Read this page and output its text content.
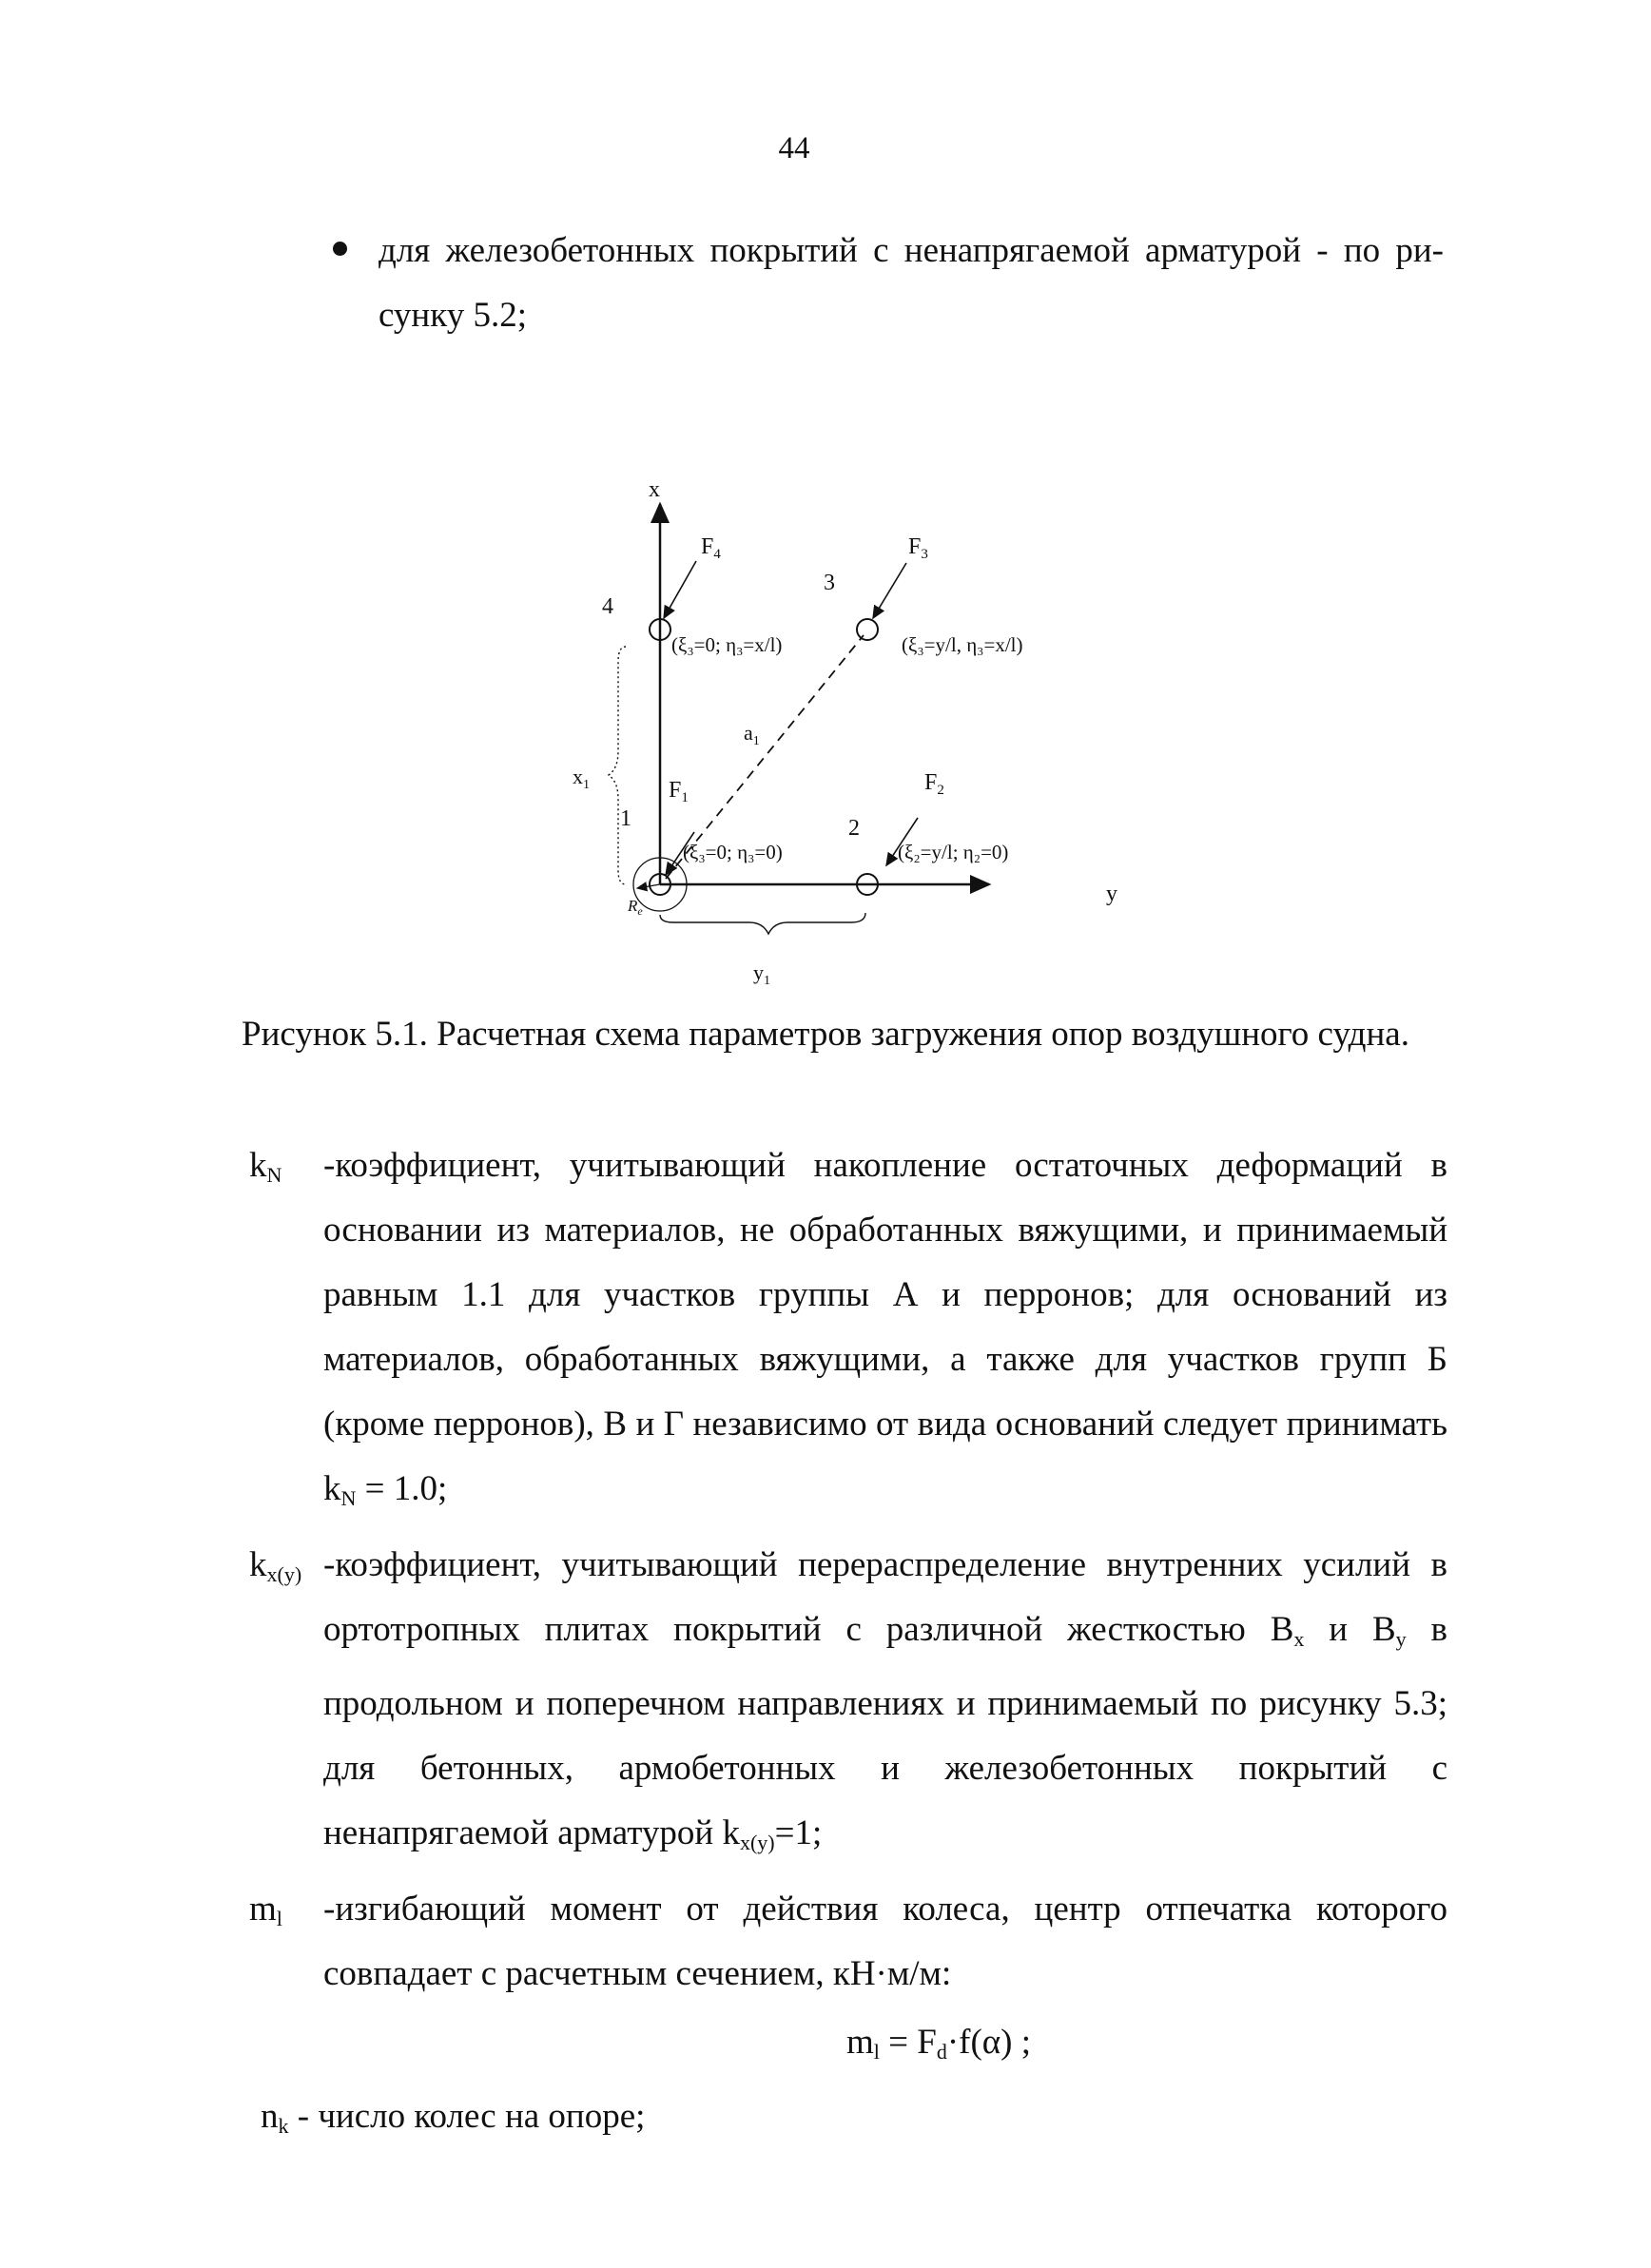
44
для железобетонных покрытий с ненапрягаемой арматурой - по ри- сунку 5.2;
x
y
$F_4$	$F_3$
$F_1$
$F_2$
4
3
1	2
(ξ₃=0; η₃=x/l)	(ξ₃=y/l, η₃=x/l)
(ξ₃=0; η₃=0)	(ξ₂=y/l; η₂=0)
$a_1$
$x_1$
$y_1$
$R_e$
Рисунок 5.1. Расчетная схема параметров загружения опор воздушного судна.
$k_N$ -коэффициент, учитывающий накопление остаточных деформаций в основании из материалов, не обработанных вяжущими, и принимаемый равным 1.1 для участков группы А и перронов; для оснований из материалов, обработанных вяжущими, а также для участков групп Б (кроме перронов), В и Г независимо от вида оснований следует принимать $k_N = 1.0$;
$k_{x(y)}$ -коэффициент, учитывающий перераспределение внутренних усилий в ортотропных плитах покрытий с различной жесткостью $B_x$ и $B_y$ в продольном и поперечном направлениях и принимаемый по рисунку 5.3; для бетонных, армобетонных и железобетонных покрытий с ненапрягаемой арматурой $k_{x(y)}=1$;
$m_l$ -изгибающий момент от действия колеса, центр отпечатка которого совпадает с расчетным сечением, кН·м/м:
$m_l = F_d\cdot f(\alpha)$ ;
$n_k$ - число колес на опоре;
